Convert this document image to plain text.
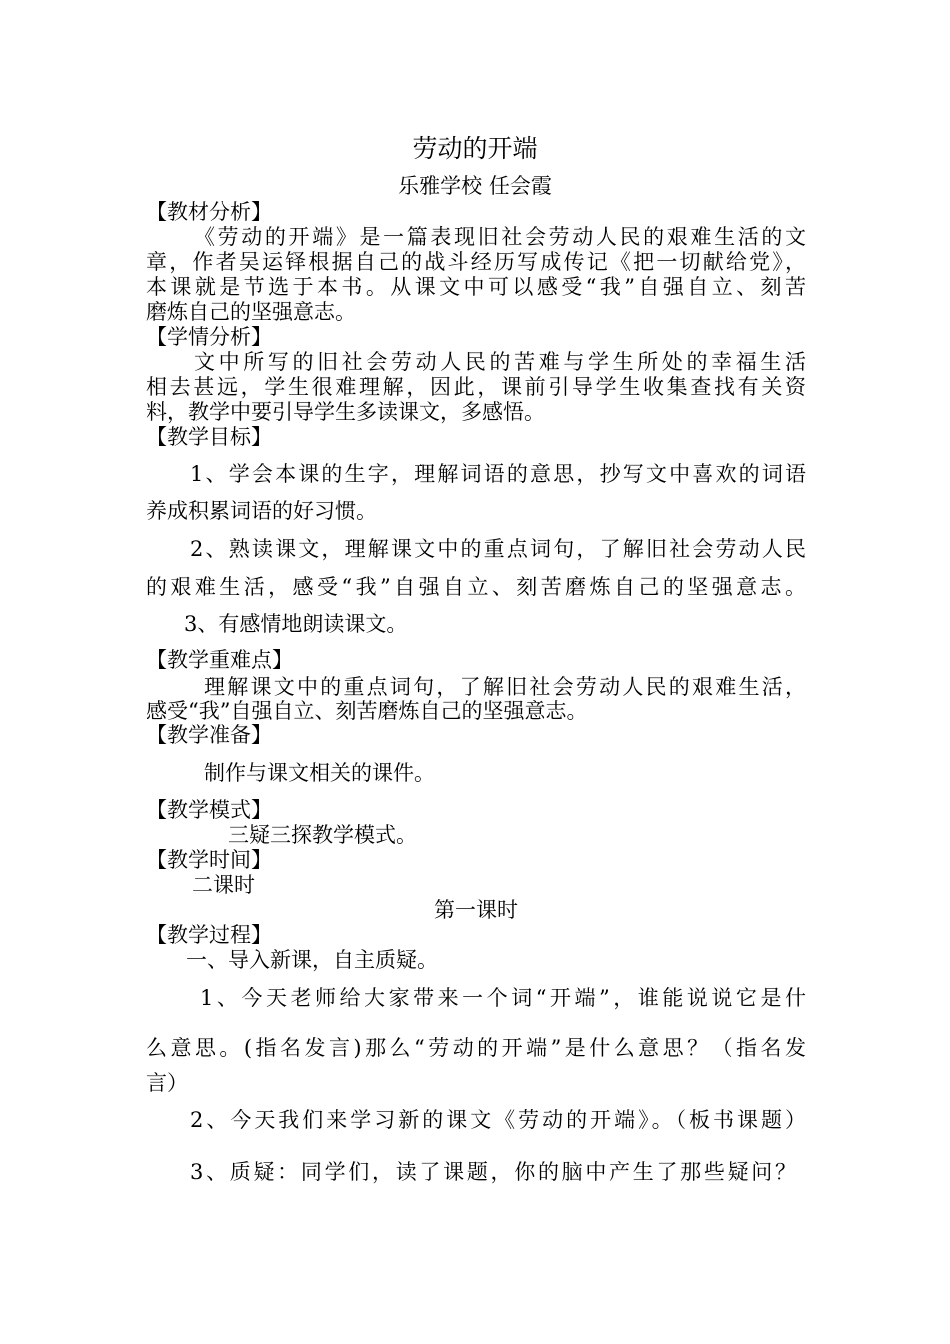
劳动的开端
乐雅学校 任会霞
【教材分析】
《劳动的开端》是一篇表现旧社会劳动人民的艰难生活的文
章，作者吴运铎根据自己的战斗经历写成传记《把一切献给党》，
本课就是节选于本书。从课文中可以感受“我”自强自立、刻苦
磨炼自己的坚强意志。
【学情分析】
文中所写的旧社会劳动人民的苦难与学生所处的幸福生活
相去甚远，学生很难理解，因此，课前引导学生收集查找有关资
料，教学中要引导学生多读课文，多感悟。
【教学目标】
1、学会本课的生字，理解词语的意思，抄写文中喜欢的词语
养成积累词语的好习惯。
2、熟读课文，理解课文中的重点词句，了解旧社会劳动人民
的艰难生活，感受“我”自强自立、刻苦磨炼自己的坚强意志。
3、有感情地朗读课文。
【教学重难点】
理解课文中的重点词句，了解旧社会劳动人民的艰难生活，
感受“我”自强自立、刻苦磨炼自己的坚强意志。
【教学准备】
制作与课文相关的课件。
【教学模式】
三疑三探教学模式。
【教学时间】
二课时
第一课时
【教学过程】
一、导入新课，自主质疑。
1、今天老师给大家带来一个词“开端”，谁能说说它是什
么意思。(指名发言)那么“劳动的开端”是什么意思？（指名发
言）
2、今天我们来学习新的课文《劳动的开端》。（板书课题）
3、质疑：同学们，读了课题，你的脑中产生了那些疑问？
